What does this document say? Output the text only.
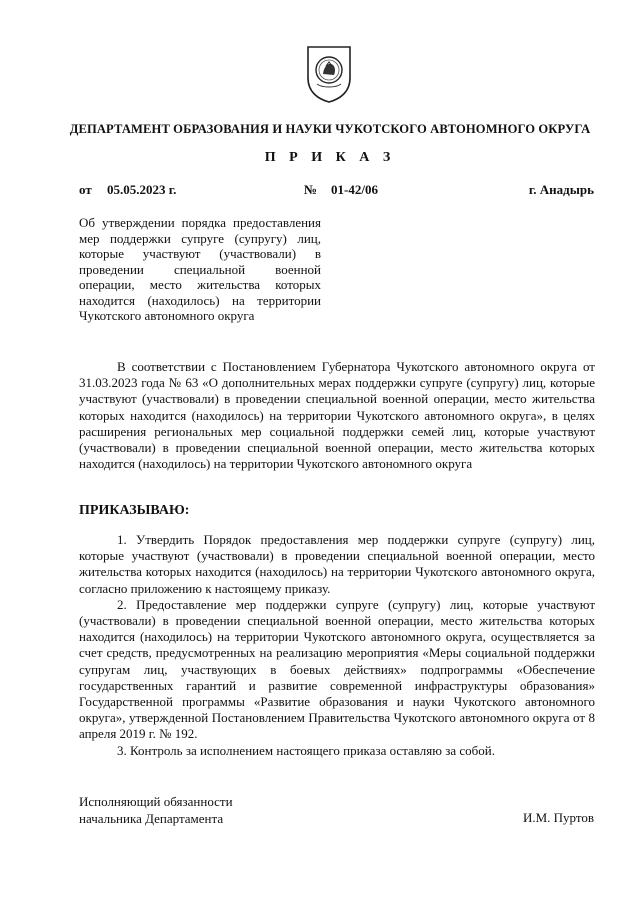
ДЕПАРТАМЕНТ ОБРАЗОВАНИЯ И НАУКИ ЧУКОТСКОГО АВТОНОМНОГО ОКРУГА
П Р И К А З
от 05.05.2023 г.	№ 01-42/06	г. Анадырь
Об утверждении порядка предоставления мер поддержки супруге (супругу) лиц, которые участвуют (участвовали) в проведении специальной военной операции, место жительства которых находится (находилось) на территории Чукотского автономного округа
В соответствии с Постановлением Губернатора Чукотского автономного округа от 31.03.2023 года № 63 «О дополнительных мерах поддержки супруге (супругу) лиц, которые участвуют (участвовали) в проведении специальной военной операции, место жительства которых находится (находилось) на территории Чукотского автономного округа», в целях расширения региональных мер социальной поддержки семей лиц, которые участвуют (участвовали) в проведении специальной военной операции, место жительства которых находится (находилось) на территории Чукотского автономного округа
ПРИКАЗЫВАЮ:

1. Утвердить Порядок предоставления мер поддержки супруге (супругу) лиц, которые участвуют (участвовали) в проведении специальной военной операции, место жительства которых находится (находилось) на территории Чукотского автономного округа, согласно приложению к настоящему приказу.

2. Предоставление мер поддержки супруге (супругу) лиц, которые участвуют (участвовали) в проведении специальной военной операции, место жительства которых находится (находилось) на территории Чукотского автономного округа, осуществляется за счет средств, предусмотренных на реализацию мероприятия «Меры социальной поддержки супругам лиц, участвующих в боевых действиях» подпрограммы «Обеспечение государственных гарантий и развитие современной инфраструктуры образования» Государственной программы «Развитие образования и науки Чукотского автономного округа», утвержденной Постановлением Правительства Чукотского автономного округа от 8 апреля 2019 г. № 192.

3. Контроль за исполнением настоящего приказа оставляю за собой.

Исполняющий обязанности
начальника Департамента	И.М. Пуртов
